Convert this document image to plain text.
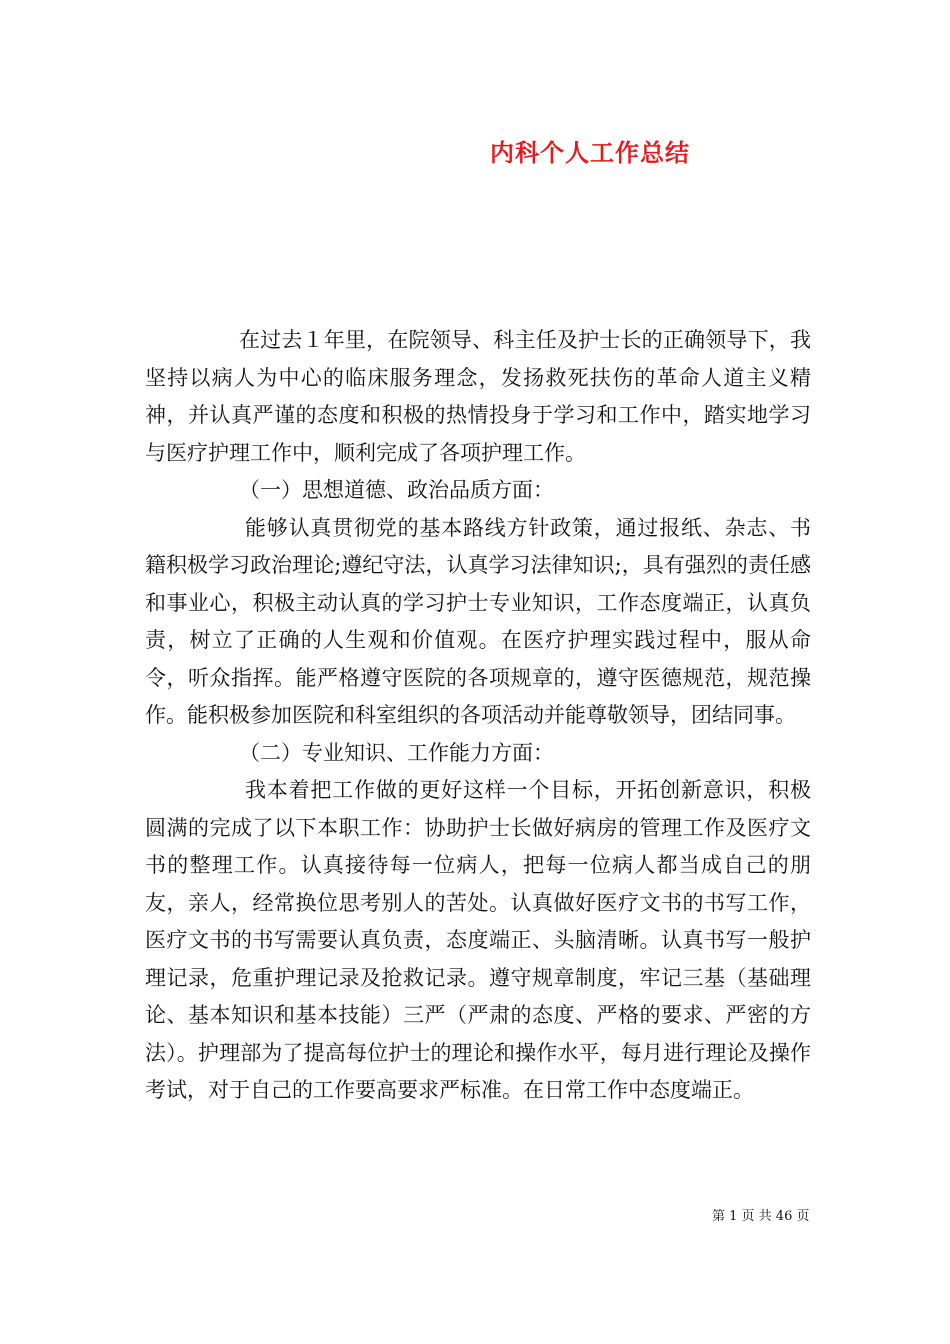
内科个人工作总结

在过去１年里，在院领导、科主任及护士长的正确领导下，我坚持以病人为中心的临床服务理念，发扬救死扶伤的革命人道主义精神，并认真严谨的态度和积极的热情投身于学习和工作中，踏实地学习与医疗护理工作中，顺利完成了各项护理工作。

（一）思想道德、政治品质方面：

能够认真贯彻党的基本路线方针政策，通过报纸、杂志、书籍积极学习政治理论;遵纪守法，认真学习法律知识;，具有强烈的责任感和事业心，积极主动认真的学习护士专业知识，工作态度端正，认真负责，树立了正确的人生观和价值观。在医疗护理实践过程中，服从命令，听众指挥。能严格遵守医院的各项规章的，遵守医德规范，规范操作。能积极参加医院和科室组织的各项活动并能尊敬领导，团结同事。

（二）专业知识、工作能力方面：

我本着把工作做的更好这样一个目标，开拓创新意识，积极圆满的完成了以下本职工作：协助护士长做好病房的管理工作及医疗文书的整理工作。认真接待每一位病人，把每一位病人都当成自己的朋友，亲人，经常换位思考别人的苦处。认真做好医疗文书的书写工作，医疗文书的书写需要认真负责，态度端正、头脑清晰。认真书写一般护理记录，危重护理记录及抢救记录。遵守规章制度，牢记三基（基础理论、基本知识和基本技能）三严（严肃的态度、严格的要求、严密的方法）。护理部为了提高每位护士的理论和操作水平，每月进行理论及操作考试，对于自己的工作要高要求严标准。在日常工作中态度端正。

第 1 页 共 46 页
